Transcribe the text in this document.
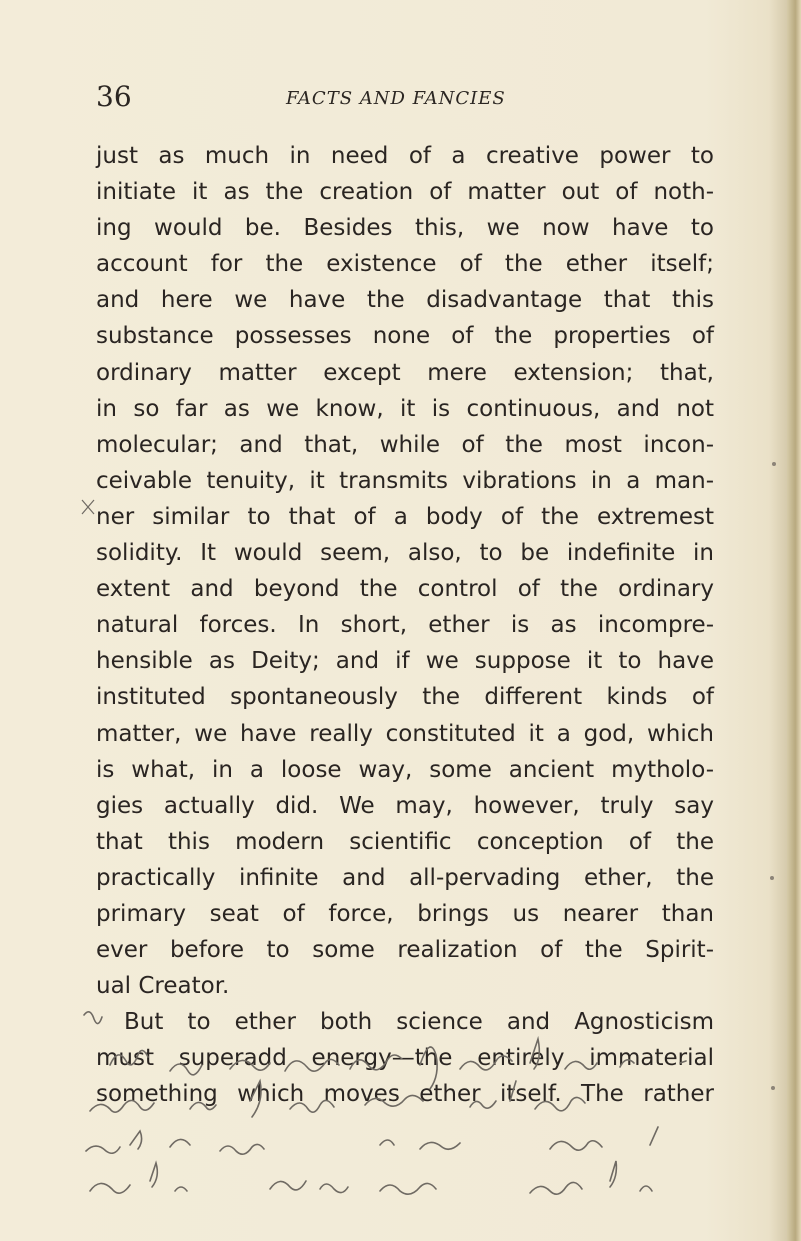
36	FACTS AND FANCIES
just as much in need of a creative power to
initiate it as the creation of matter out of noth-
ing would be. Besides this, we now have to
account for the existence of the ether itself;
and here we have the disadvantage that this
substance possesses none of the properties of
ordinary matter except mere extension; that,
in so far as we know, it is continuous, and not
molecular; and that, while of the most incon-
ceivable tenuity, it transmits vibrations in a man-
ner similar to that of a body of the extremest
solidity. It would seem, also, to be indefinite in
extent and beyond the control of the ordinary
natural forces. In short, ether is as incompre-
hensible as Deity; and if we suppose it to have
instituted spontaneously the different kinds of
matter, we have really constituted it a god, which
is what, in a loose way, some ancient mytholo-
gies actually did. We may, however, truly say
that this modern scientific conception of the
practically infinite and all-pervading ether, the
primary seat of force, brings us nearer than
ever before to some realization of the Spirit-
ual Creator.
But to ether both science and Agnosticism
must superadd energy—the entirely immaterial
something which moves ether itself. The rather
